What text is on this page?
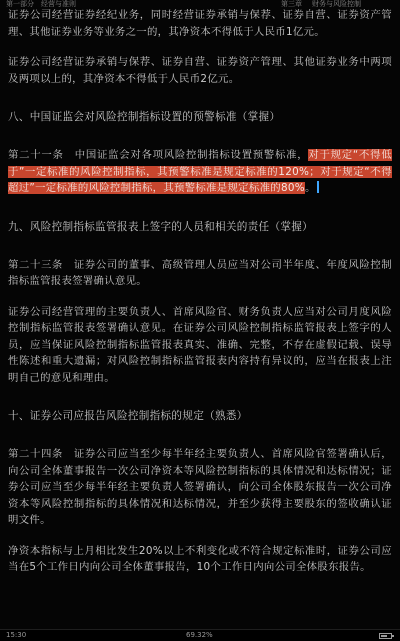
第一部分　经营与准则	第三章 财务与风险控制

证券公司经营证券经纪业务，同时经营证券承销与保荐、证券自营、证券资产管理、其他证券业务等业务之一的，其净资本不得低于人民币1亿元。

证券公司经营证券承销与保荐、证券自营、证券资产管理、其他证券业务中两项及两项以上的，其净资本不得低于人民币2亿元。

八、中国证监会对风险控制指标设置的预警标准（掌握）

第二十一条　中国证监会对各项风险控制指标设置预警标准，对于规定“不得低于”一定标准的风险控制指标，其预警标准是规定标准的120%；对于规定“不得超过”一定标准的风险控制指标，其预警标准是规定标准的80%。

九、风险控制指标监管报表上签字的人员和相关的责任（掌握）

第二十三条　证券公司的董事、高级管理人员应当对公司半年度、年度风险控制指标监管报表签署确认意见。

证券公司经营管理的主要负责人、首席风险官、财务负责人应当对公司月度风险控制指标监管报表签署确认意见。在证券公司风险控制指标监管报表上签字的人员，应当保证风险控制指标监管报表真实、准确、完整，不存在虚假记载、误导性陈述和重大遗漏；对风险控制指标监管报表内容持有异议的，应当在报表上注明自己的意见和理由。

十、证券公司应报告风险控制指标的规定（熟悉）

第二十四条　证券公司应当至少每半年经主要负责人、首席风险官签署确认后，向公司全体董事报告一次公司净资本等风险控制指标的具体情况和达标情况；证券公司应当至少每半年经主要负责人签署确认，向公司全体股东报告一次公司净资本等风险控制指标的具体情况和达标情况，并至少获得主要股东的签收确认证明文件。

净资本指标与上月相比发生20%以上不利变化或不符合规定标准时，证券公司应当在5个工作日内向公司全体董事报告，10个工作日内向公司全体股东报告。

15:30	69.32%
